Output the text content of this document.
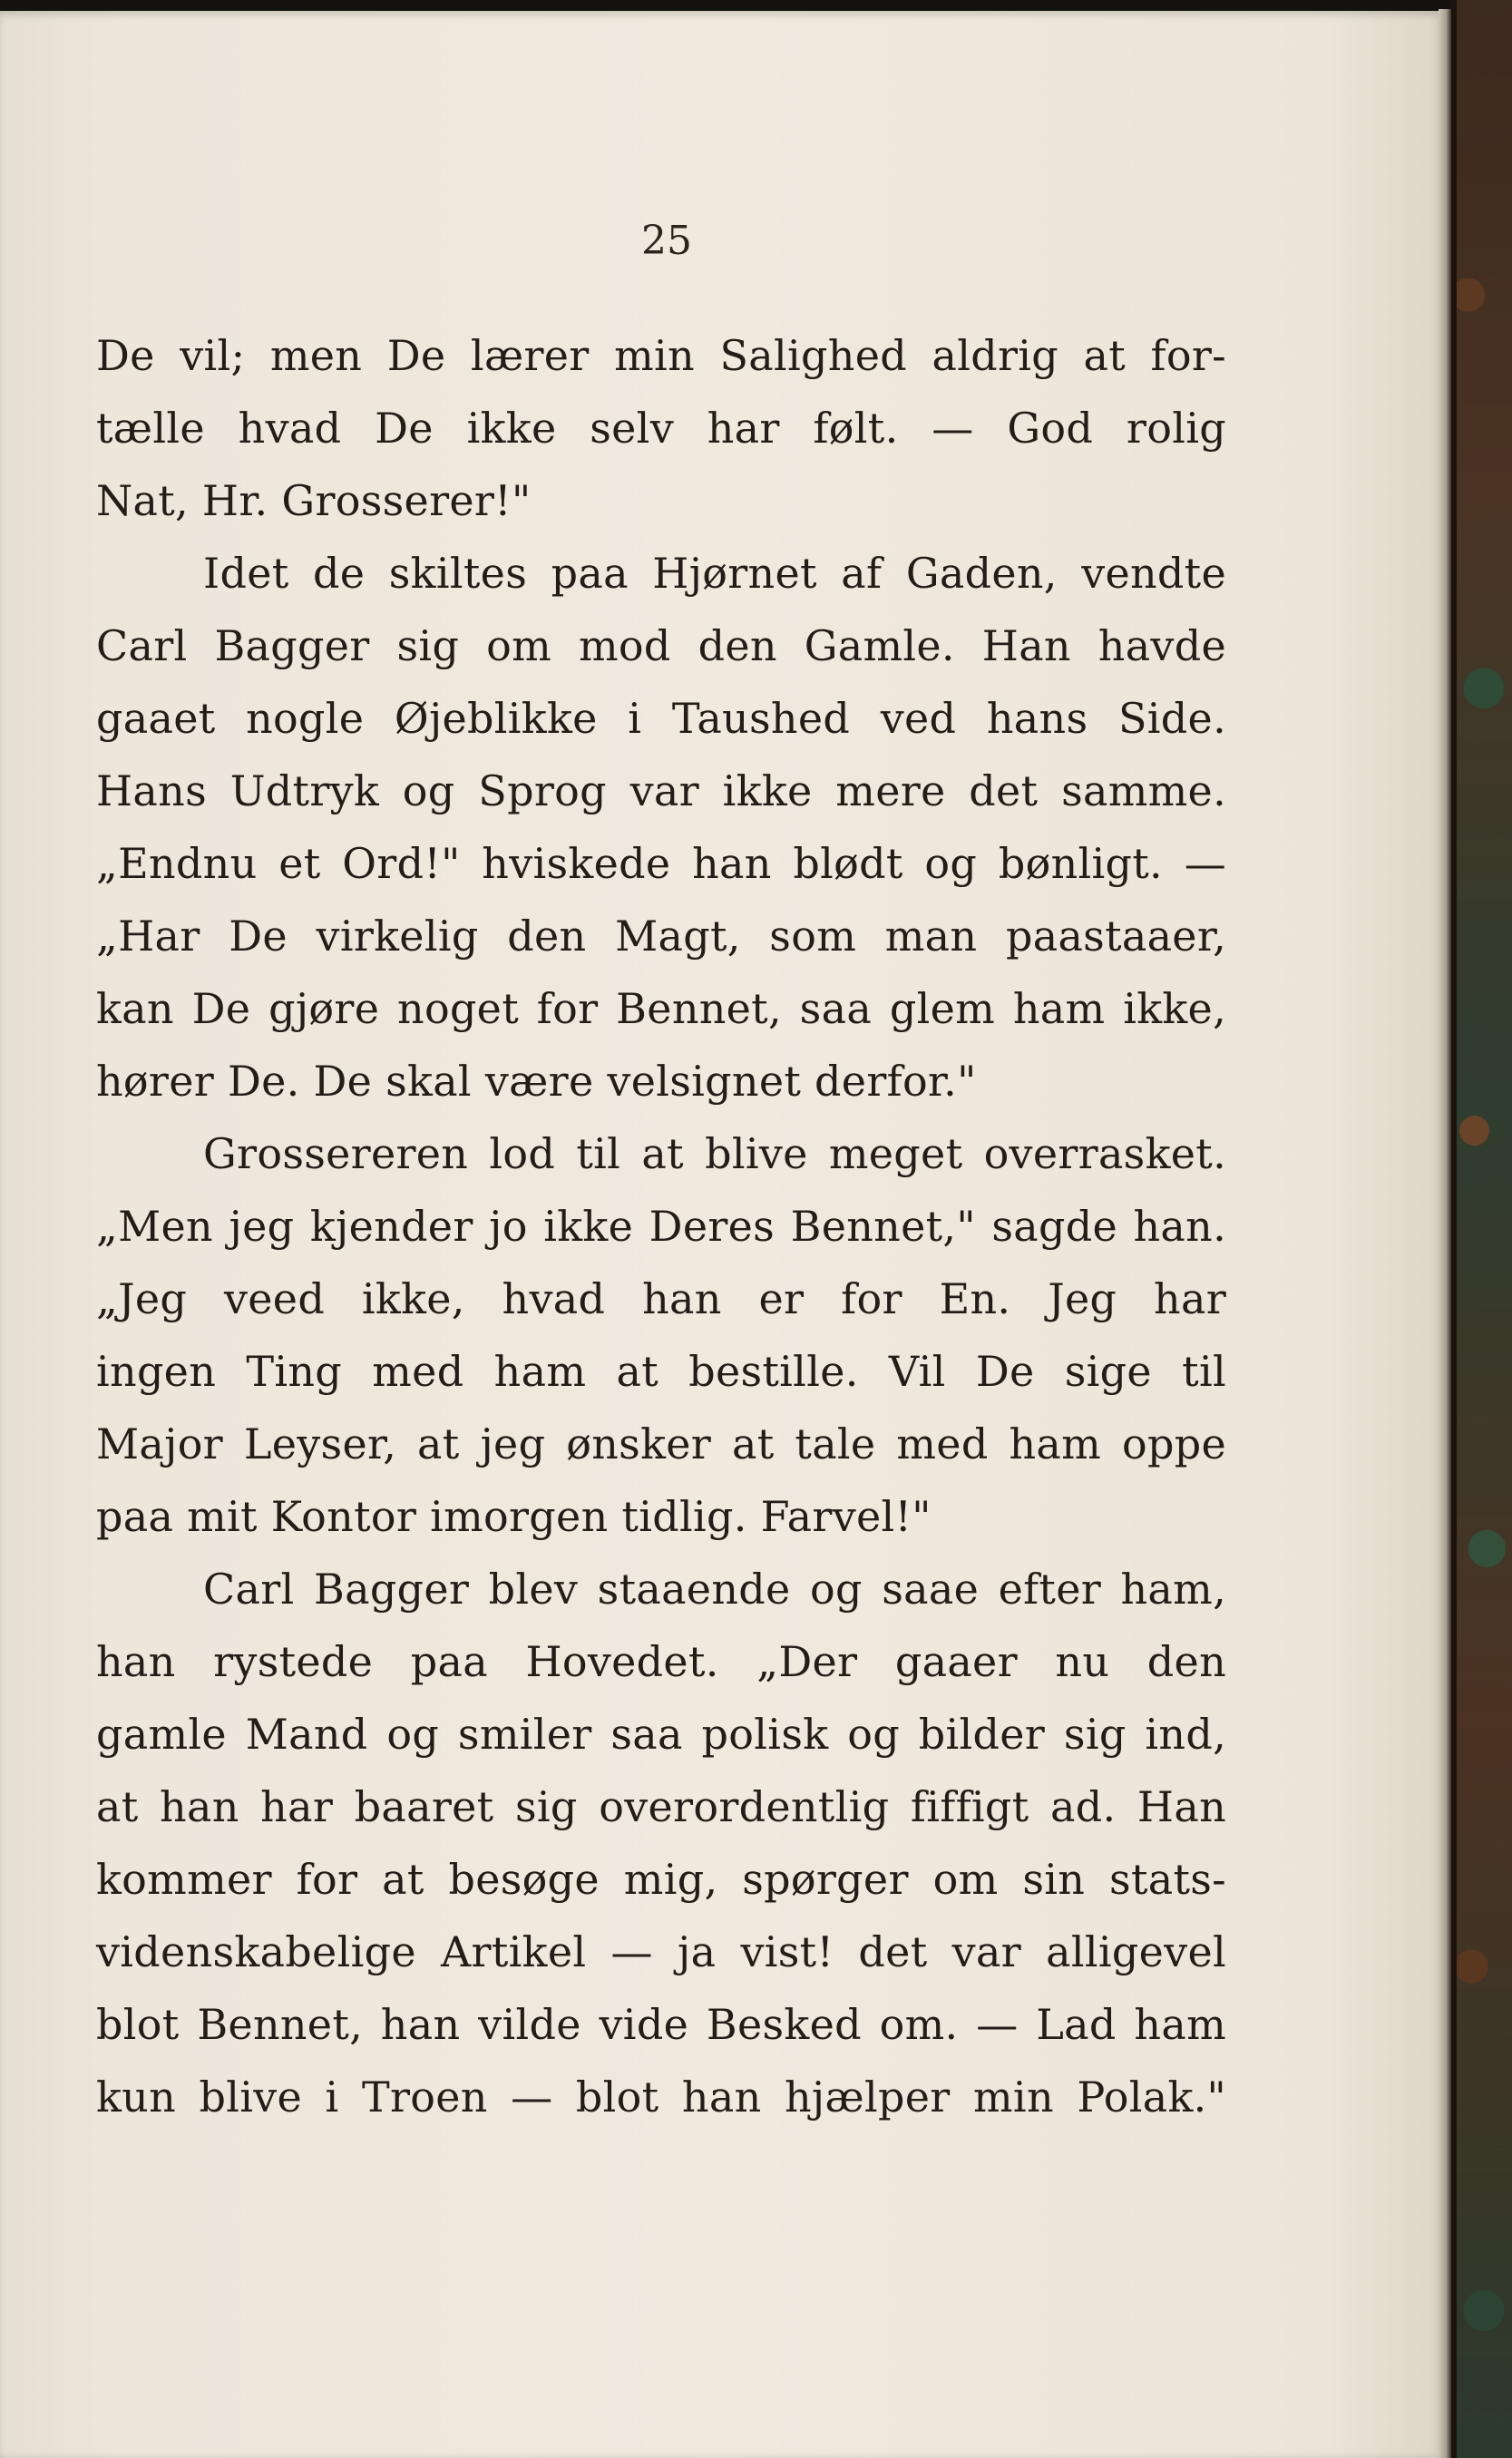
25
De vil; men De lærer min Salighed aldrig at for-
tælle hvad De ikke selv har følt. — God rolig
Nat, Hr. Grosserer!"
Idet de skiltes paa Hjørnet af Gaden, vendte
Carl Bagger sig om mod den Gamle. Han havde
gaaet nogle Øjeblikke i Taushed ved hans Side.
Hans Udtryk og Sprog var ikke mere det samme.
„Endnu et Ord!" hviskede han blødt og bønligt. —
„Har De virkelig den Magt, som man paastaaer,
kan De gjøre noget for Bennet, saa glem ham ikke,
hører De. De skal være velsignet derfor."
Grossereren lod til at blive meget overrasket.
„Men jeg kjender jo ikke Deres Bennet," sagde han.
„Jeg veed ikke, hvad han er for En. Jeg har
ingen Ting med ham at bestille. Vil De sige til
Major Leyser, at jeg ønsker at tale med ham oppe
paa mit Kontor imorgen tidlig. Farvel!"
Carl Bagger blev staaende og saae efter ham,
han rystede paa Hovedet. „Der gaaer nu den
gamle Mand og smiler saa polisk og bilder sig ind,
at han har baaret sig overordentlig fiffigt ad. Han
kommer for at besøge mig, spørger om sin stats-
videnskabelige Artikel — ja vist! det var alligevel
blot Bennet, han vilde vide Besked om. — Lad ham
kun blive i Troen — blot han hjælper min Polak."
